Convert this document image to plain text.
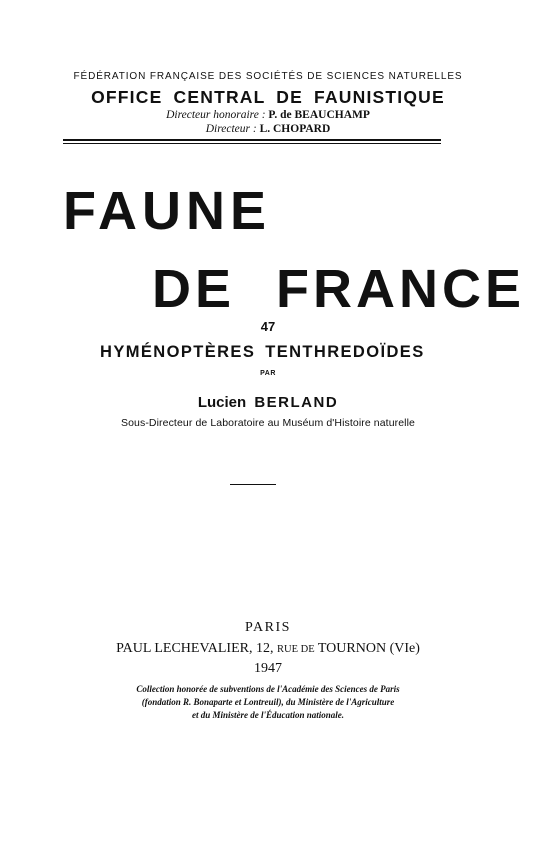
FÉDÉRATION FRANÇAISE DES SOCIÉTÉS DE SCIENCES NATURELLES
OFFICE CENTRAL DE FAUNISTIQUE
Directeur honoraire : P. de BEAUCHAMP
Directeur : L. CHOPARD
FAUNE
DE FRANCE
47
HYMÉNOPTÈRES TENTHREDOÏDES
PAR
Lucien BERLAND
Sous-Directeur de Laboratoire au Muséum d'Histoire naturelle
PARIS
PAUL LECHEVALIER, 12, RUE DE TOURNON (VIe)
1947
Collection honorée de subventions de l'Académie des Sciences de Paris
(fondation R. Bonaparte et Lontreuil), du Ministère de l'Agriculture
et du Ministère de l'Éducation nationale.
